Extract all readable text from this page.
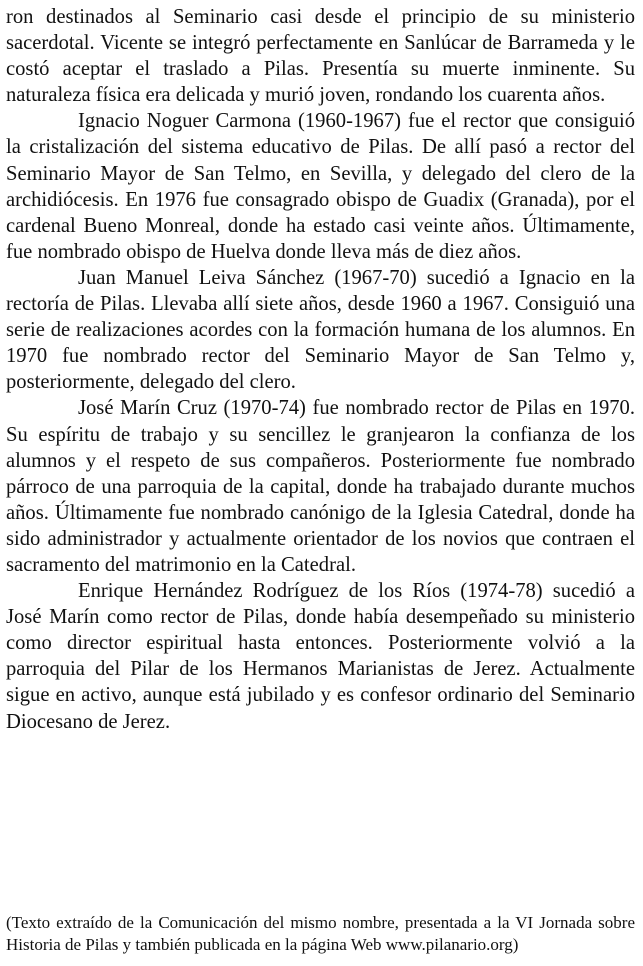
ron destinados al Seminario casi desde el principio de su ministerio sacerdotal. Vicente se integró perfectamente en Sanlúcar de Barrameda y le costó aceptar el traslado a Pilas. Presentía su muerte inminente. Su naturaleza física era delicada y murió joven, rondando los cuarenta años.

Ignacio Noguer Carmona (1960-1967) fue el rector que consiguió la cristalización del sistema educativo de Pilas. De allí pasó a rector del Seminario Mayor de San Telmo, en Sevilla, y delegado del clero de la archidiócesis. En 1976 fue consagrado obispo de Guadix (Granada), por el cardenal Bueno Monreal, donde ha estado casi veinte años. Últimamente, fue nombrado obispo de Huelva donde lleva más de diez años.

Juan Manuel Leiva Sánchez (1967-70) sucedió a Ignacio en la rectoría de Pilas. Llevaba allí siete años, desde 1960 a 1967. Consiguió una serie de realizaciones acordes con la formación humana de los alumnos. En 1970 fue nombrado rector del Seminario Mayor de San Telmo y, posteriormente, delegado del clero.

José Marín Cruz (1970-74) fue nombrado rector de Pilas en 1970. Su espíritu de trabajo y su sencillez le granjearon la confianza de los alumnos y el respeto de sus compañeros. Posteriormente fue nombrado párroco de una parroquia de la capital, donde ha trabajado durante muchos años. Últimamente fue nombrado canónigo de la Iglesia Catedral, donde ha sido administrador y actualmente orientador de los novios que contraen el sacramento del matrimonio en la Catedral.

Enrique Hernández Rodríguez de los Ríos (1974-78) sucedió a José Marín como rector de Pilas, donde había desempeñado su ministerio como director espiritual hasta entonces. Posteriormente volvió a la parroquia del Pilar de los Hermanos Marianistas de Jerez. Actualmente sigue en activo, aunque está jubilado y es confesor ordinario del Seminario Diocesano de Jerez.

(Texto extraído de la Comunicación del mismo nombre, presentada a la VI Jornada sobre Historia de Pilas y también publicada en la página Web www.pilanario.org)
